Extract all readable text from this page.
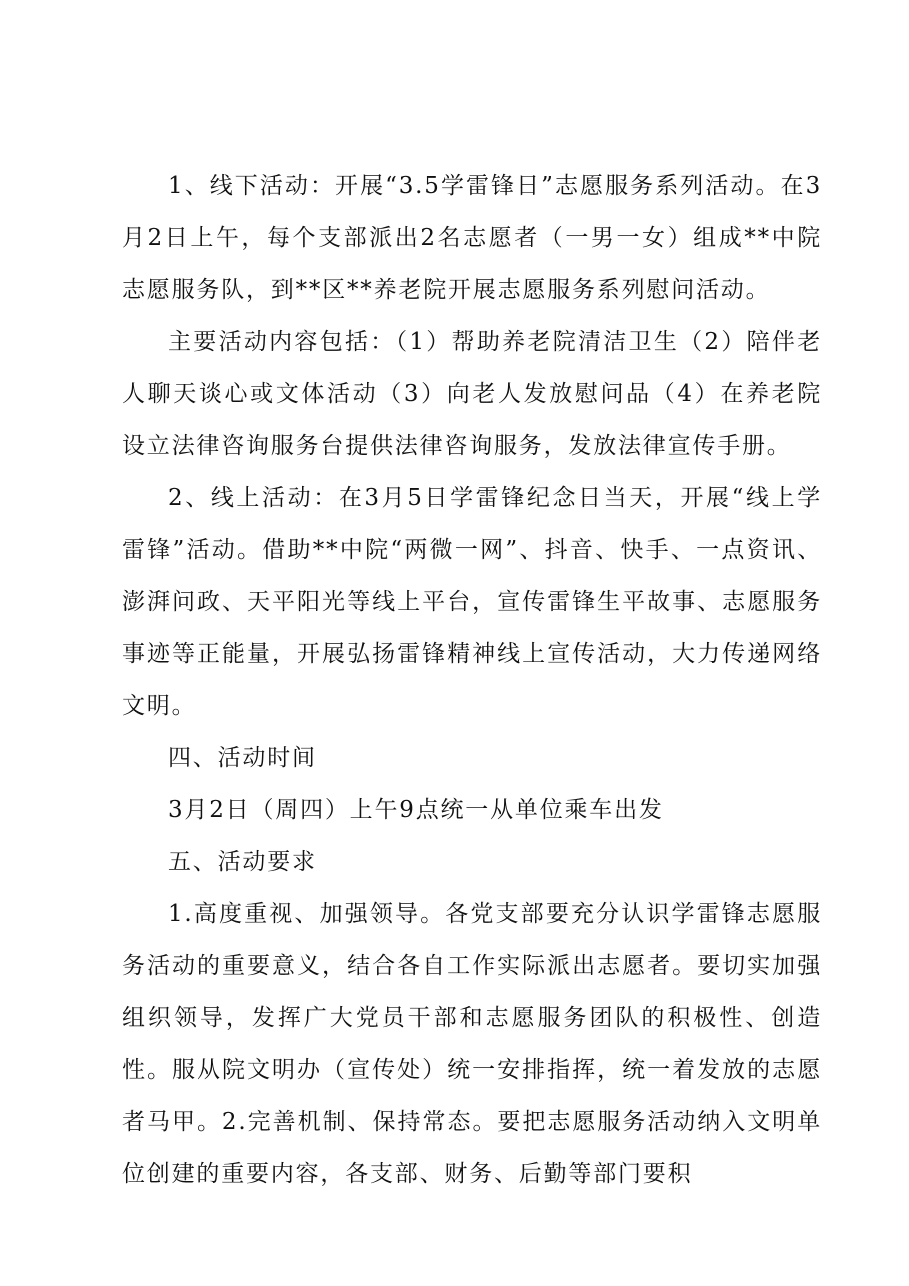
1、线下活动：开展“3.5学雷锋日”志愿服务系列活动。在3月2日上午，每个支部派出2名志愿者（一男一女）组成**中院志愿服务队，到**区**养老院开展志愿服务系列慰问活动。

主要活动内容包括：（1）帮助养老院清洁卫生（2）陪伴老人聊天谈心或文体活动（3）向老人发放慰问品（4）在养老院设立法律咨询服务台提供法律咨询服务，发放法律宣传手册。

2、线上活动：在3月5日学雷锋纪念日当天，开展“线上学雷锋”活动。借助**中院“两微一网”、抖音、快手、一点资讯、澎湃问政、天平阳光等线上平台，宣传雷锋生平故事、志愿服务事迹等正能量，开展弘扬雷锋精神线上宣传活动，大力传递网络文明。

四、活动时间

3月2日（周四）上午9点统一从单位乘车出发

五、活动要求

1.高度重视、加强领导。各党支部要充分认识学雷锋志愿服务活动的重要意义，结合各自工作实际派出志愿者。要切实加强组织领导，发挥广大党员干部和志愿服务团队的积极性、创造性。服从院文明办（宣传处）统一安排指挥，统一着发放的志愿者马甲。2.完善机制、保持常态。要把志愿服务活动纳入文明单位创建的重要内容，各支部、财务、后勤等部门要积
